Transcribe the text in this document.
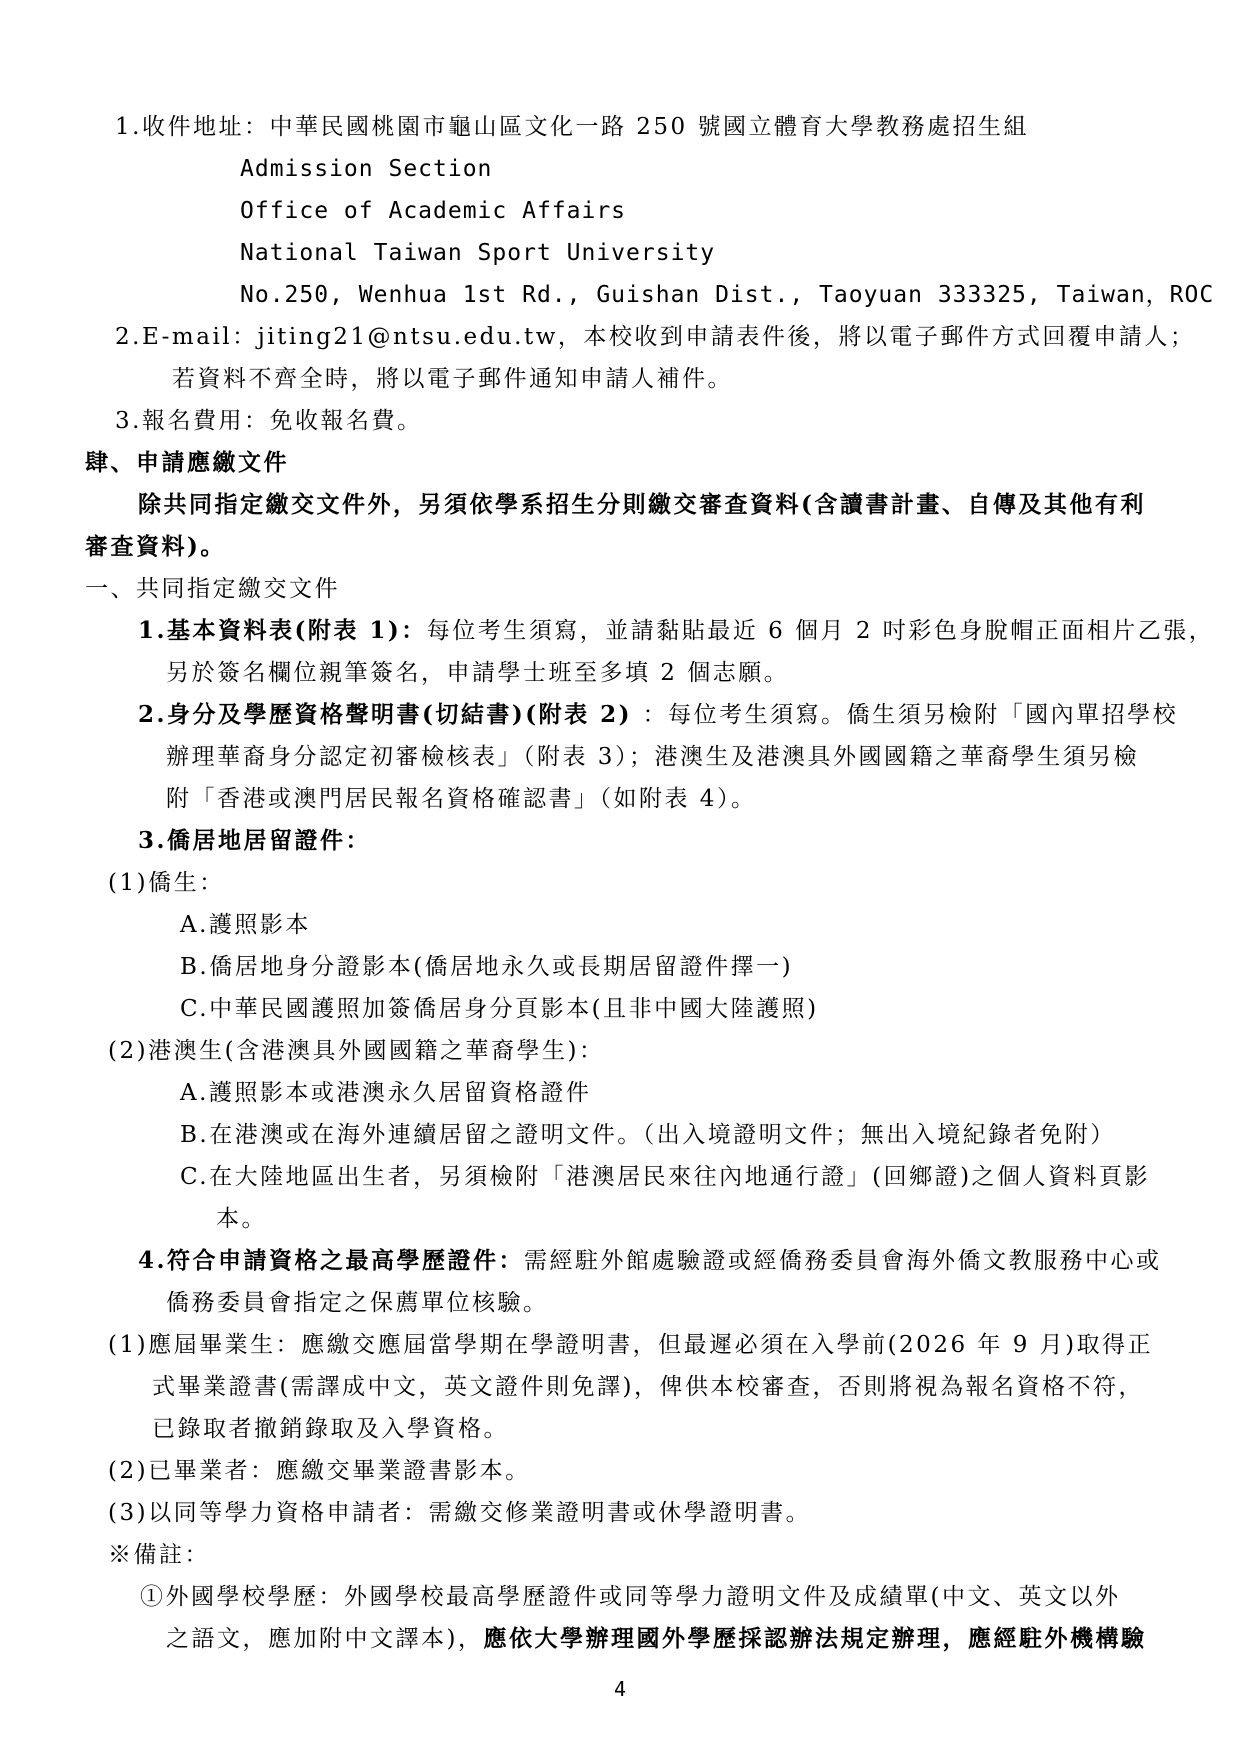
1.收件地址：中華民國桃園市龜山區文化一路 250 號國立體育大學教務處招生組
Admission Section
Office of Academic Affairs
National Taiwan Sport University
No.250, Wenhua 1st Rd., Guishan Dist., Taoyuan 333325, Taiwan，ROC
2.E-mail：jiting21@ntsu.edu.tw，本校收到申請表件後，將以電子郵件方式回覆申請人；
若資料不齊全時，將以電子郵件通知申請人補件。
3.報名費用：免收報名費。
肆、申請應繳文件
除共同指定繳交文件外，另須依學系招生分則繳交審查資料(含讀書計畫、自傳及其他有利
審查資料)。
一、共同指定繳交文件
1.基本資料表(附表 1)：每位考生須寫，並請黏貼最近 6 個月 2 吋彩色身脫帽正面相片乙張，
另於簽名欄位親筆簽名，申請學士班至多填 2 個志願。
2.身分及學歷資格聲明書(切結書)(附表 2) ：每位考生須寫。僑生須另檢附「國內單招學校
辦理華裔身分認定初審檢核表」（附表 3）；港澳生及港澳具外國國籍之華裔學生須另檢
附「香港或澳門居民報名資格確認書」（如附表 4）。
3.僑居地居留證件：
(1)僑生：
A.護照影本
B.僑居地身分證影本(僑居地永久或長期居留證件擇一)
C.中華民國護照加簽僑居身分頁影本(且非中國大陸護照)
(2)港澳生(含港澳具外國國籍之華裔學生)：
A.護照影本或港澳永久居留資格證件
B.在港澳或在海外連續居留之證明文件。（出入境證明文件；無出入境紀錄者免附）
C.在大陸地區出生者，另須檢附「港澳居民來往內地通行證」(回鄉證)之個人資料頁影
本。
4.符合申請資格之最高學歷證件：需經駐外館處驗證或經僑務委員會海外僑文教服務中心或
僑務委員會指定之保薦單位核驗。
(1)應屆畢業生：應繳交應屆當學期在學證明書，但最遲必須在入學前(2026 年 9 月)取得正
式畢業證書(需譯成中文，英文證件則免譯)，俾供本校審查，否則將視為報名資格不符，
已錄取者撤銷錄取及入學資格。
(2)已畢業者：應繳交畢業證書影本。
(3)以同等學力資格申請者：需繳交修業證明書或休學證明書。
※備註：
①外國學校學歷：外國學校最高學歷證件或同等學力證明文件及成績單(中文、英文以外
之語文，應加附中文譯本)，應依大學辦理國外學歷採認辦法規定辦理，應經駐外機構驗
4
